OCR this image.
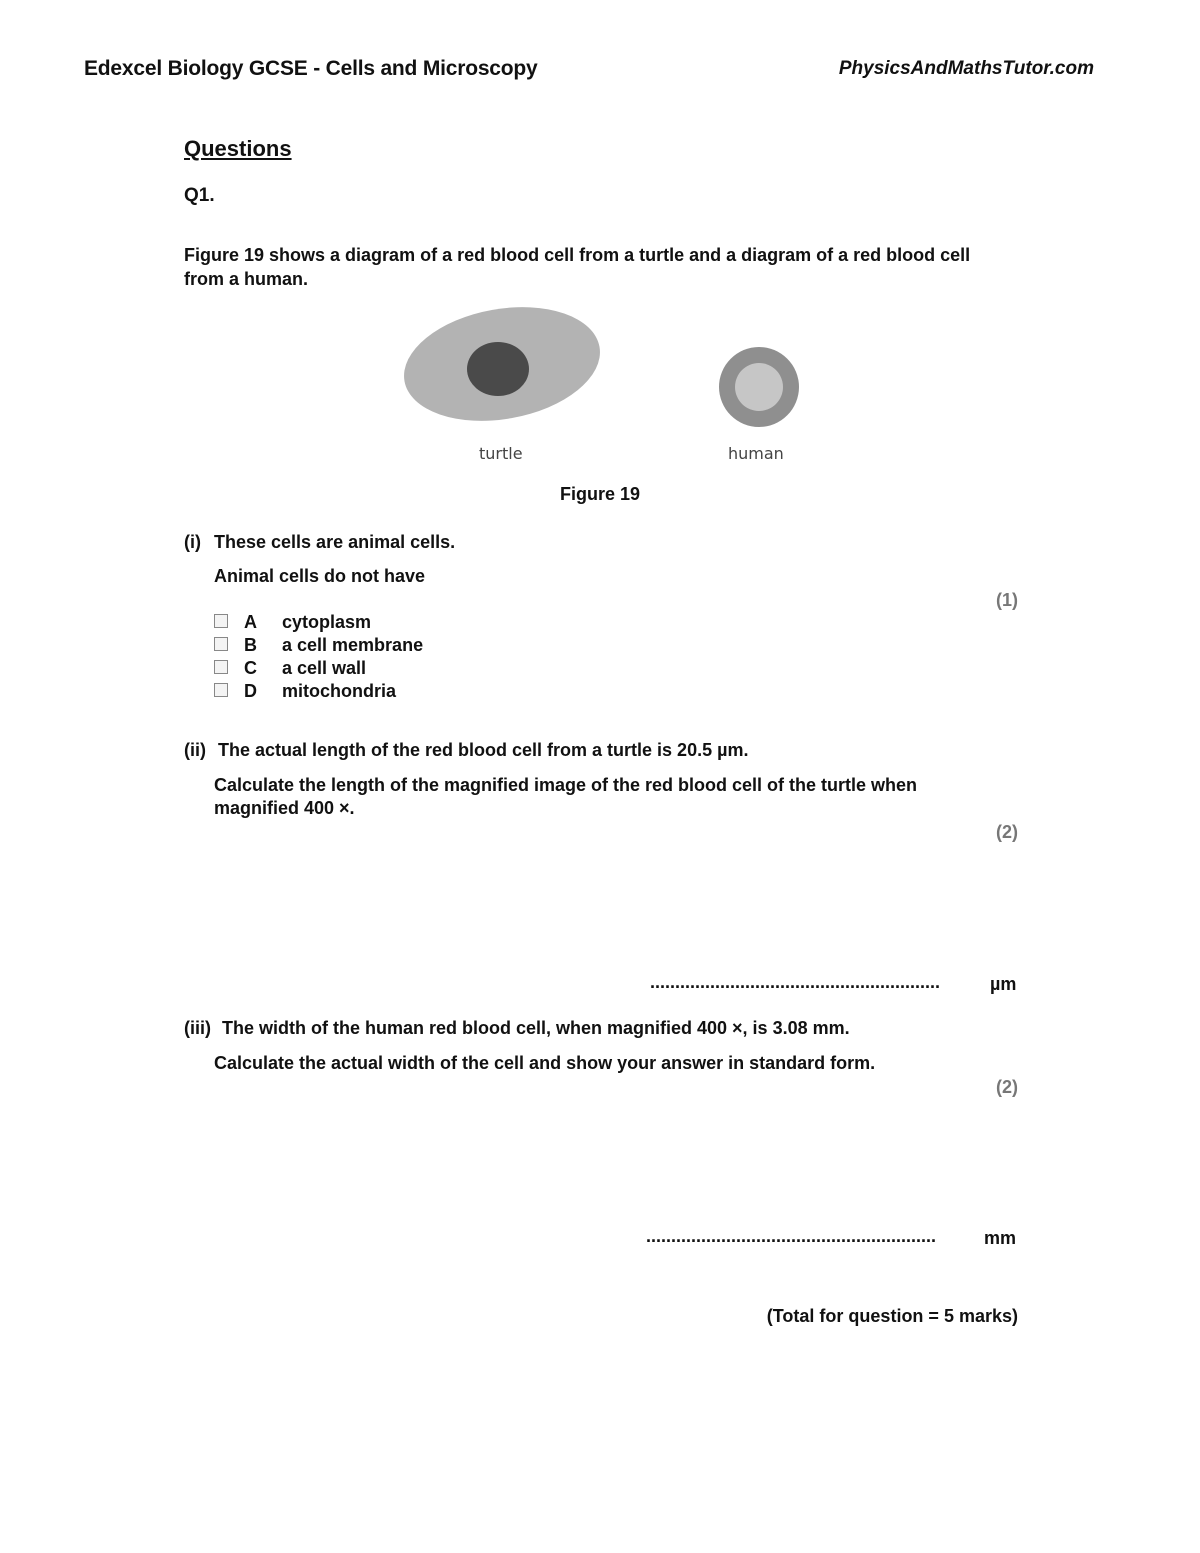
Edexcel Biology GCSE - Cells and Microscopy	PhysicsAndMathsTutor.com
Questions
Q1.
Figure 19 shows a diagram of a red blood cell from a turtle and a diagram of a red blood cell
from a human.
turtle	human
Figure 19
(i) These cells are animal cells.
Animal cells do not have
(1)
A cytoplasm
B a cell membrane
C a cell wall
D mitochondria
(ii) The actual length of the red blood cell from a turtle is 20.5 µm.
Calculate the length of the magnified image of the red blood cell of the turtle when
magnified 400 ×.
(2)
..........................................................	µm
(iii) The width of the human red blood cell, when magnified 400 ×, is 3.08 mm.
Calculate the actual width of the cell and show your answer in standard form.
(2)
..........................................................	mm
(Total for question = 5 marks)
